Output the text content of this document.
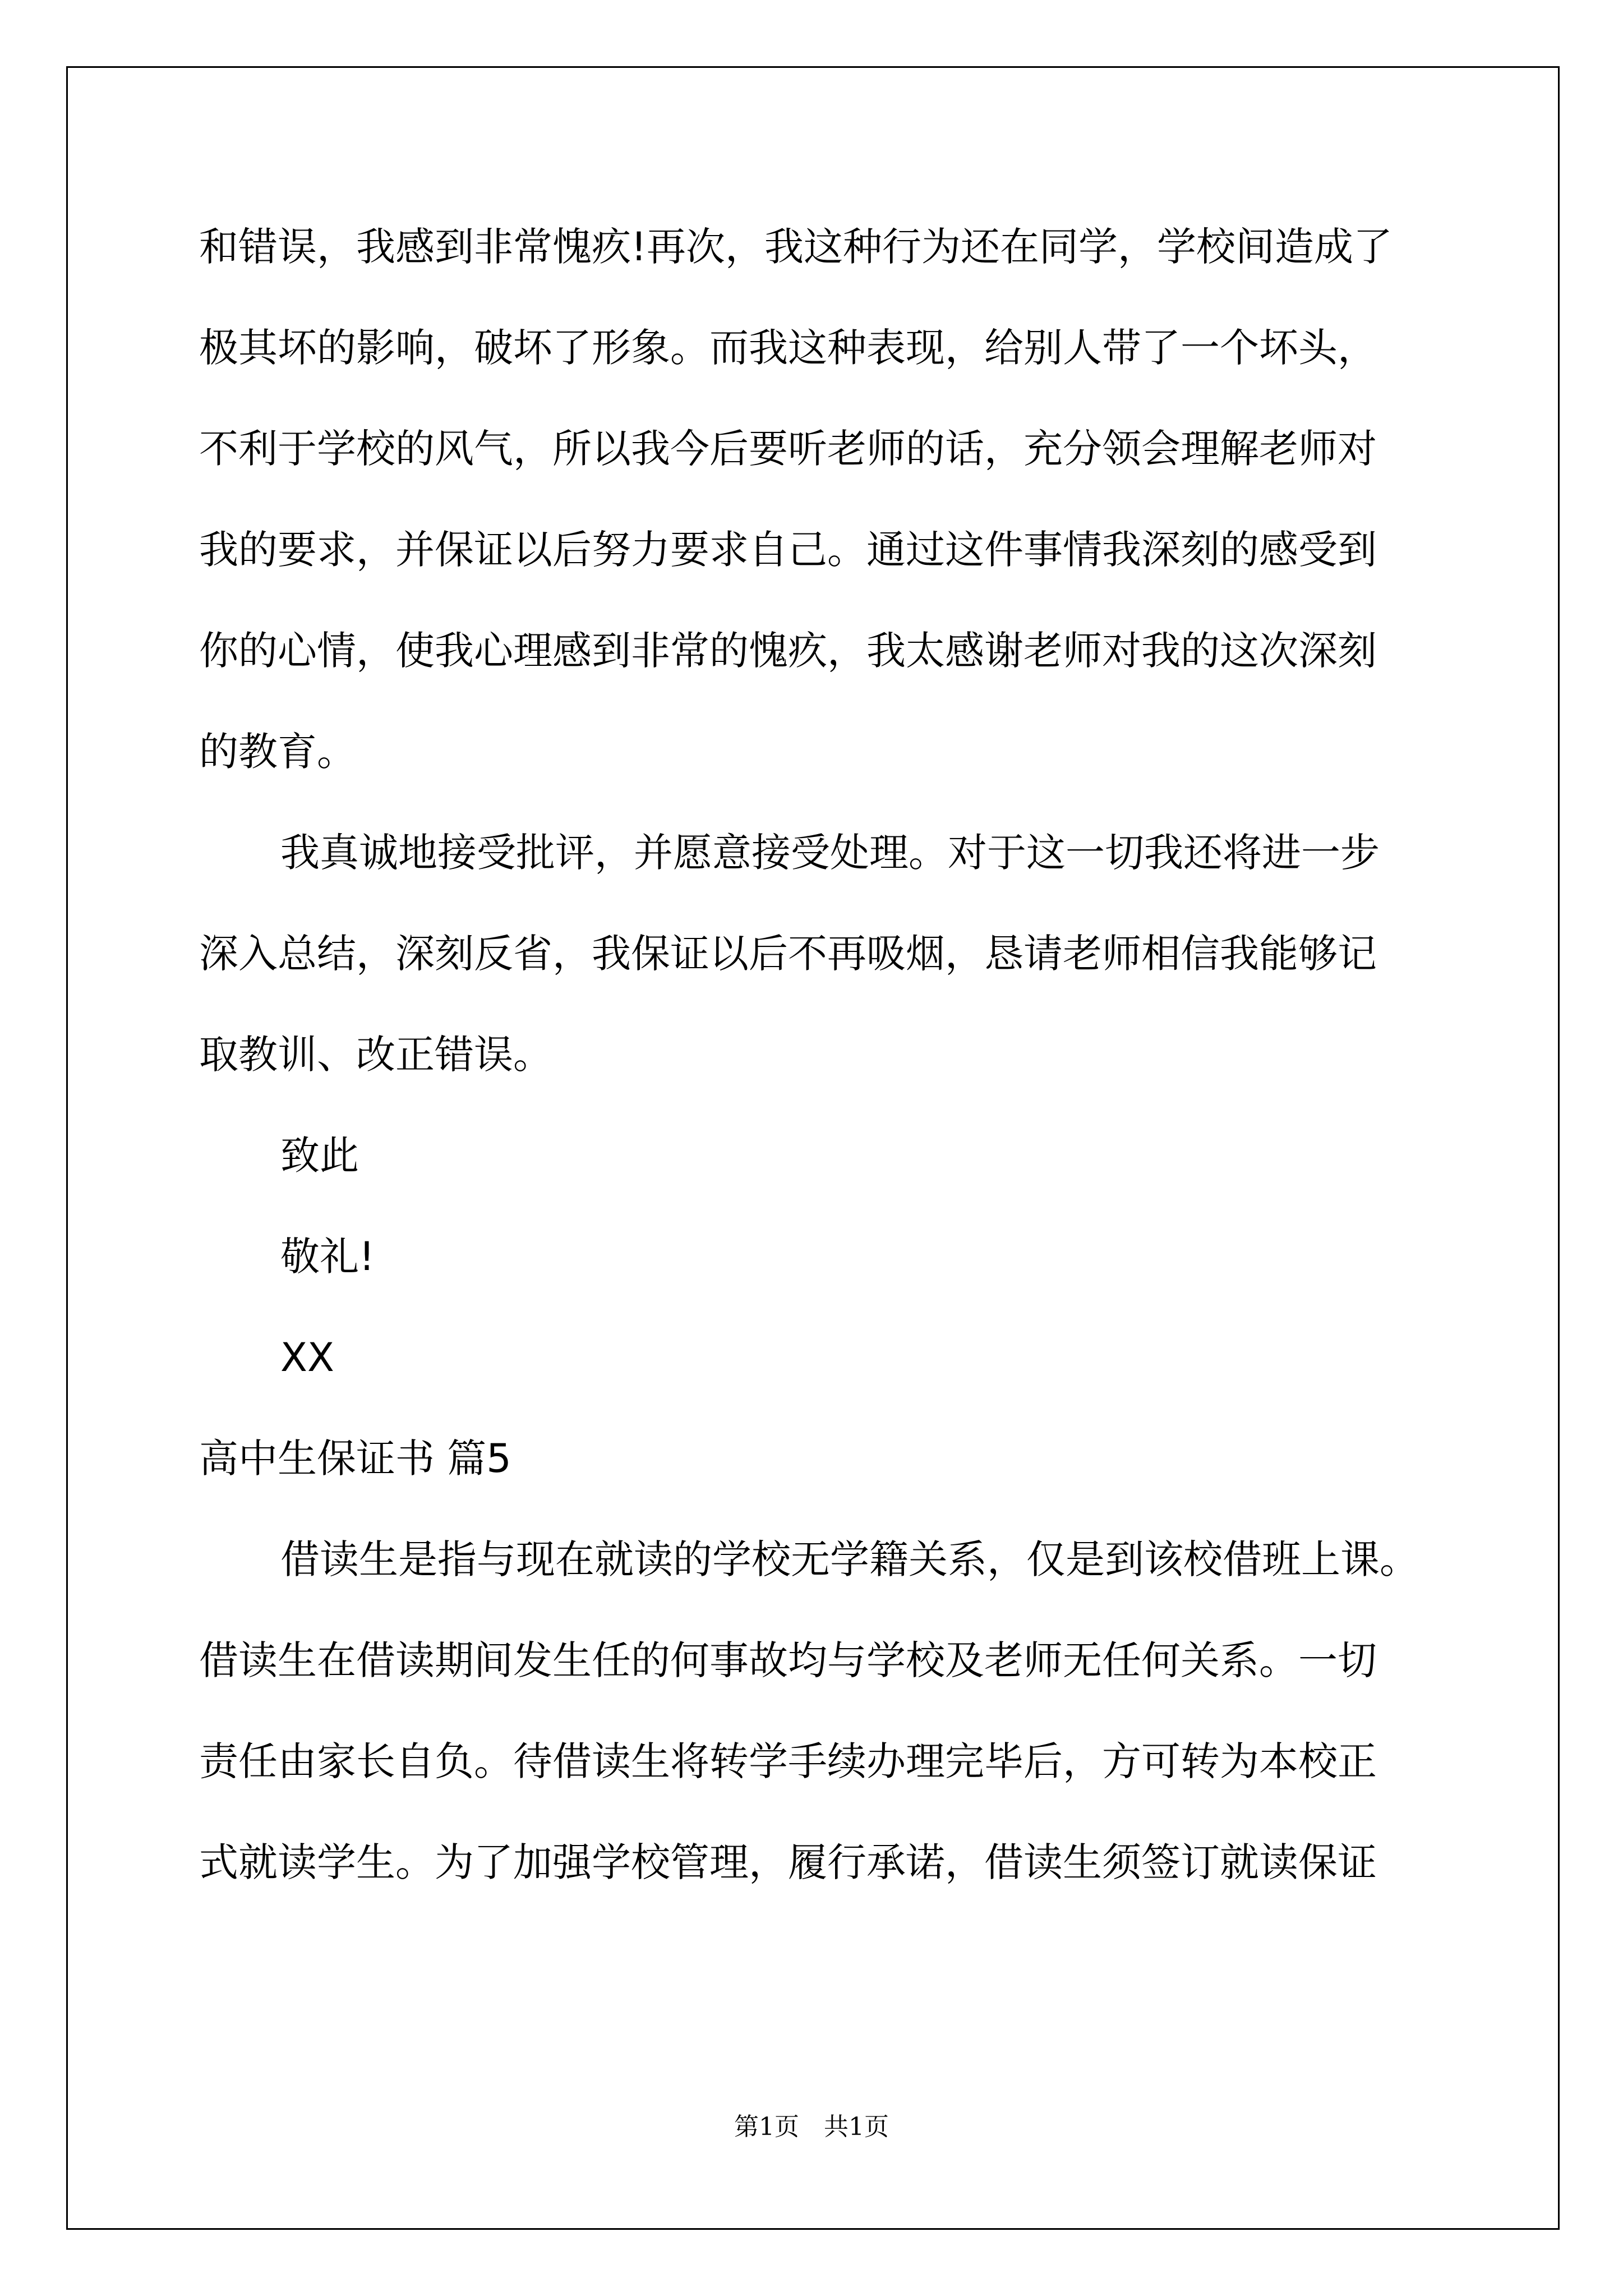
和错误，我感到非常愧疚!再次，我这种行为还在同学，学校间造成了
极其坏的影响，破坏了形象。而我这种表现，给别人带了一个坏头，
不利于学校的风气，所以我今后要听老师的话，充分领会理解老师对
我的要求，并保证以后努力要求自己。通过这件事情我深刻的感受到
你的心情，使我心理感到非常的愧疚，我太感谢老师对我的这次深刻
的教育。
我真诚地接受批评，并愿意接受处理。对于这一切我还将进一步
深入总结，深刻反省，我保证以后不再吸烟，恳请老师相信我能够记
取教训、改正错误。
致此
敬礼!
XX
高中生保证书 篇5
借读生是指与现在就读的学校无学籍关系，仅是到该校借班上课。
借读生在借读期间发生任的何事故均与学校及老师无任何关系。一切
责任由家长自负。待借读生将转学手续办理完毕后，方可转为本校正
式就读学生。为了加强学校管理，履行承诺，借读生须签订就读保证
第1页　共1页
